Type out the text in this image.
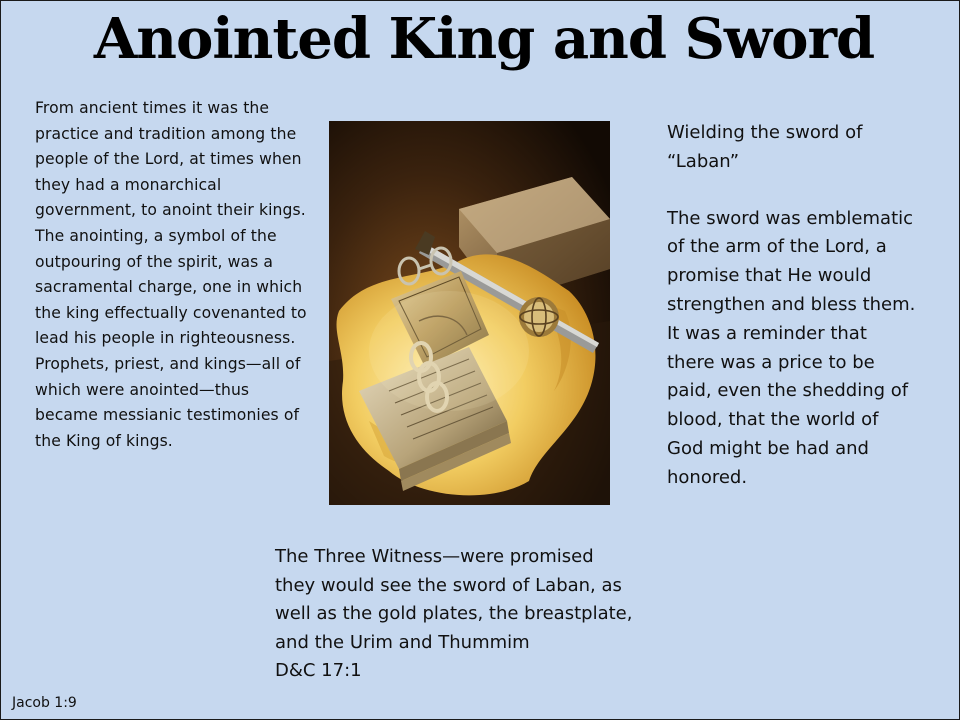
Anointed King and Sword
From ancient times it was the practice and tradition among the people of the Lord, at times when they had a monarchical government, to anoint their kings. The anointing, a symbol of the outpouring of the spirit, was a sacramental charge, one in which the king effectually covenanted to lead his people in righteousness. Prophets, priest, and kings—all of which were anointed—thus became messianic testimonies of the King of kings.

Wielding the sword of “Laban”

The sword was emblematic of the arm of the Lord, a promise that He would strengthen and bless them. It was a reminder that there was a price to be paid, even the shedding of blood, that the world of God might be had and honored.

The Three Witness—were promised they would see the sword of Laban, as well as the gold plates, the breastplate, and the Urim and Thummim

D&C 17:1

Jacob 1:9
